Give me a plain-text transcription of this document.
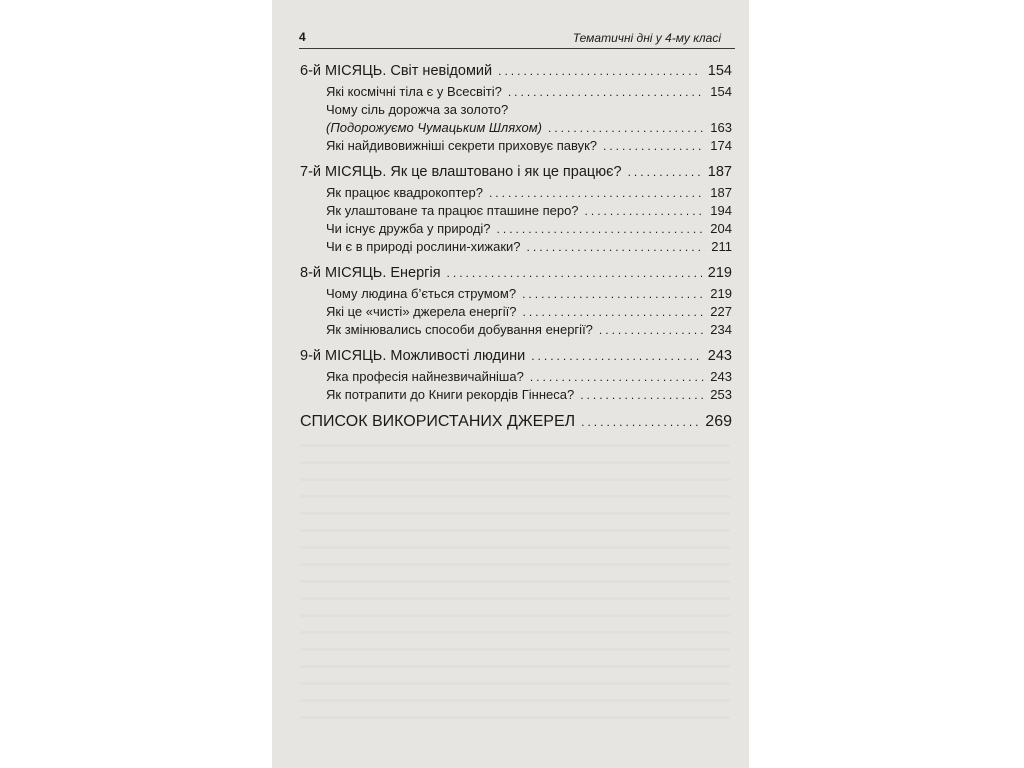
4	Тематичні дні у 4-му класі
6-й МІСЯЦЬ. Світ невідомий .....	154
Які космічні тіла є у Всесвіті? .....	154
Чому сіль дорожча за золото?
(Подорожуємо Чумацьким Шляхом) .....	163
Які найдивовижніші секрети приховує павук? .....	174
7-й МІСЯЦЬ. Як це влаштовано і як це працює? .....	187
Як працює квадрокоптер? .....	187
Як улаштоване та працює пташине перо? .....	194
Чи існує дружба у природі? .....	204
Чи є в природі рослини-хижаки? .....	211
8-й МІСЯЦЬ. Енергія .....	219
Чому людина б’ється струмом? .....	219
Які це «чисті» джерела енергії? .....	227
Як змінювались способи добування енергії? .....	234
9-й МІСЯЦЬ. Можливості людини .....	243
Яка професія найнезвичайніша? .....	243
Як потрапити до Книги рекордів Гіннеса? .....	253
СПИСОК ВИКОРИСТАНИХ ДЖЕРЕЛ .....	269
